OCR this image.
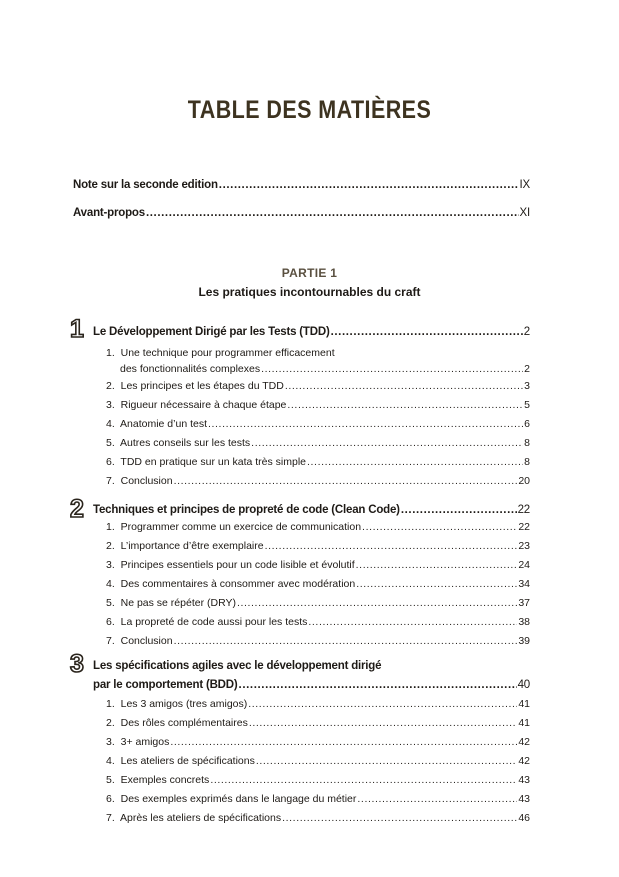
TABLE DES MATIÈRES
Note sur la seconde edition .....	IX
Avant-propos .....	XI
PARTIE 1
Les pratiques incontournables du craft
1 Le Développement Dirigé par les Tests (TDD) .....	2
1. Une technique pour programmer efficacement
des fonctionnalités complexes .....	2
2. Les principes et les étapes du TDD .....	3
3. Rigueur nécessaire à chaque étape .....	5
4. Anatomie d’un test .....	6
5. Autres conseils sur les tests .....	8
6. TDD en pratique sur un kata très simple .....	8
7. Conclusion .....	20
2 Techniques et principes de propreté de code (Clean Code) .....	22
1. Programmer comme un exercice de communication .....	22
2. L’importance d’être exemplaire .....	23
3. Principes essentiels pour un code lisible et évolutif .....	24
4. Des commentaires à consommer avec modération .....	34
5. Ne pas se répéter (DRY) .....	37
6. La propreté de code aussi pour les tests .....	38
7. Conclusion .....	39
3 Les spécifications agiles avec le développement dirigé
par le comportement (BDD) .....	40
1. Les 3 amigos (tres amigos) .....	41
2. Des rôles complémentaires .....	41
3. 3+ amigos .....	42
4. Les ateliers de spécifications .....	42
5. Exemples concrets .....	43
6. Des exemples exprimés dans le langage du métier .....	43
7. Après les ateliers de spécifications .....	46
